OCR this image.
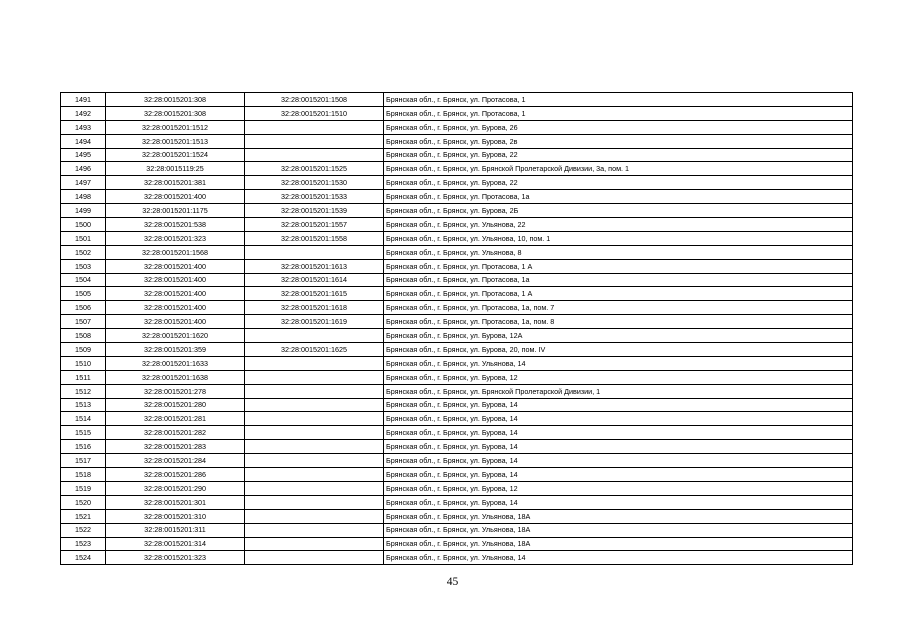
1491	32:28:0015201:308	32:28:0015201:1508	Брянская обл., г. Брянск, ул. Протасова, 1
1492	32:28:0015201:308	32:28:0015201:1510	Брянская обл., г. Брянск, ул. Протасова, 1
1493	32:28:0015201:1512		Брянская обл., г. Брянск, ул. Бурова, 26
1494	32:28:0015201:1513		Брянская обл., г. Брянск, ул. Бурова, 2в
1495	32:28:0015201:1524		Брянская обл., г. Брянск, ул. Бурова, 22
1496	32:28:0015119:25	32:28:0015201:1525	Брянская обл., г. Брянск, ул. Брянской Пролетарской Дивизии, 3а, пом. 1
1497	32:28:0015201:381	32:28:0015201:1530	Брянская обл., г. Брянск, ул. Бурова, 22
1498	32:28:0015201:400	32:28:0015201:1533	Брянская обл., г. Брянск, ул. Протасова, 1а
1499	32:28:0015201:1175	32:28:0015201:1539	Брянская обл., г. Брянск, ул. Бурова, 2Б
1500	32:28:0015201:538	32:28:0015201:1557	Брянская обл., г. Брянск, ул. Ульянова, 22
1501	32:28:0015201:323	32:28:0015201:1558	Брянская обл., г. Брянск, ул. Ульянова, 10, пом. 1
1502	32:28:0015201:1568		Брянская обл., г. Брянск, ул. Ульянова, 8
1503	32:28:0015201:400	32:28:0015201:1613	Брянская обл., г. Брянск, ул. Протасова, 1 А
1504	32:28:0015201:400	32:28:0015201:1614	Брянская обл., г. Брянск, ул. Протасова, 1а
1505	32:28:0015201:400	32:28:0015201:1615	Брянская обл., г. Брянск, ул. Протасова, 1 А
1506	32:28:0015201:400	32:28:0015201:1618	Брянская обл., г. Брянск, ул. Протасова, 1а, пом. 7
1507	32:28:0015201:400	32:28:0015201:1619	Брянская обл., г. Брянск, ул. Протасова, 1а, пом. 8
1508	32:28:0015201:1620		Брянская обл., г. Брянск, ул. Бурова, 12А
1509	32:28:0015201:359	32:28:0015201:1625	Брянская обл., г. Брянск, ул. Бурова, 20, пом. IV
1510	32:28:0015201:1633		Брянская обл., г. Брянск, ул. Ульянова, 14
1511	32:28:0015201:1638		Брянская обл., г. Брянск, ул. Бурова, 12
1512	32:28:0015201:278		Брянская обл., г. Брянск, ул. Брянской Пролетарской Дивизии, 1
1513	32:28:0015201:280		Брянская обл., г. Брянск, ул. Бурова, 14
1514	32:28:0015201:281		Брянская обл., г. Брянск, ул. Бурова, 14
1515	32:28:0015201:282		Брянская обл., г. Брянск, ул. Бурова, 14
1516	32:28:0015201:283		Брянская обл., г. Брянск, ул. Бурова, 14
1517	32:28:0015201:284		Брянская обл., г. Брянск, ул. Бурова, 14
1518	32:28:0015201:286		Брянская обл., г. Брянск, ул. Бурова, 14
1519	32:28:0015201:290		Брянская обл., г. Брянск, ул. Бурова, 12
1520	32:28:0015201:301		Брянская обл., г. Брянск, ул. Бурова, 14
1521	32:28:0015201:310		Брянская обл., г. Брянск, ул. Ульянова, 18А
1522	32:28:0015201:311		Брянская обл., г. Брянск, ул. Ульянова, 18А
1523	32:28:0015201:314		Брянская обл., г. Брянск, ул. Ульянова, 18А
1524	32:28:0015201:323		Брянская обл., г. Брянск, ул. Ульянова, 14
45
